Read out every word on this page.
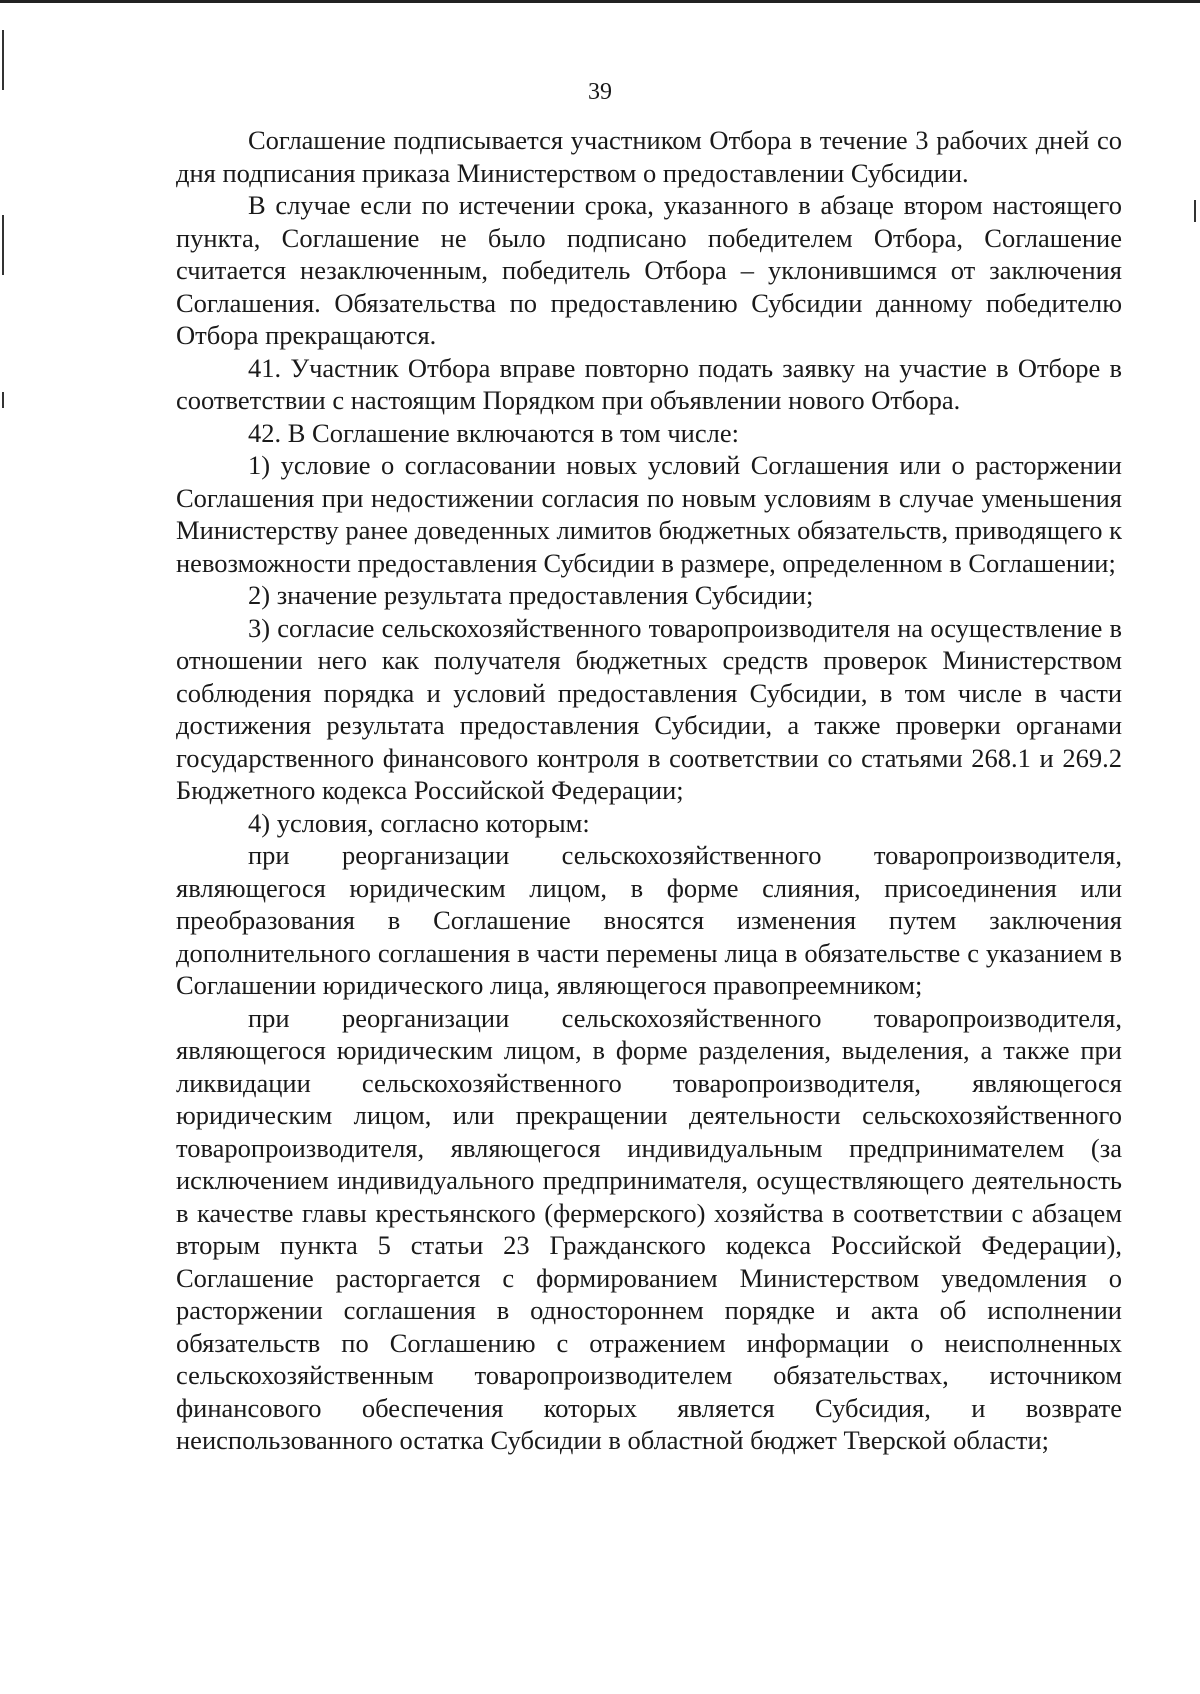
39

Соглашение подписывается участником Отбора в течение 3 рабочих дней со дня подписания приказа Министерством о предоставлении Субсидии.

В случае если по истечении срока, указанного в абзаце втором настоящего пункта, Соглашение не было подписано победителем Отбора, Соглашение считается незаключенным, победитель Отбора – уклонившимся от заключения Соглашения. Обязательства по предоставлению Субсидии данному победителю Отбора прекращаются.

41. Участник Отбора вправе повторно подать заявку на участие в Отборе в соответствии с настоящим Порядком при объявлении нового Отбора.

42. В Соглашение включаются в том числе:

1) условие о согласовании новых условий Соглашения или о расторжении Соглашения при недостижении согласия по новым условиям в случае уменьшения Министерству ранее доведенных лимитов бюджетных обязательств, приводящего к невозможности предоставления Субсидии в размере, определенном в Соглашении;

2) значение результата предоставления Субсидии;

3) согласие сельскохозяйственного товаропроизводителя на осуществление в отношении него как получателя бюджетных средств проверок Министерством соблюдения порядка и условий предоставления Субсидии, в том числе в части достижения результата предоставления Субсидии, а также проверки органами государственного финансового контроля в соответствии со статьями 268.1 и 269.2 Бюджетного кодекса Российской Федерации;

4) условия, согласно которым:

при реорганизации сельскохозяйственного товаропроизводителя, являющегося юридическим лицом, в форме слияния, присоединения или преобразования в Соглашение вносятся изменения путем заключения дополнительного соглашения в части перемены лица в обязательстве с указанием в Соглашении юридического лица, являющегося правопреемником;

при реорганизации сельскохозяйственного товаропроизводителя, являющегося юридическим лицом, в форме разделения, выделения, а также при ликвидации сельскохозяйственного товаропроизводителя, являющегося юридическим лицом, или прекращении деятельности сельскохозяйственного товаропроизводителя, являющегося индивидуальным предпринимателем (за исключением индивидуального предпринимателя, осуществляющего деятельность в качестве главы крестьянского (фермерского) хозяйства в соответствии с абзацем вторым пункта 5 статьи 23 Гражданского кодекса Российской Федерации), Соглашение расторгается с формированием Министерством уведомления о расторжении соглашения в одностороннем порядке и акта об исполнении обязательств по Соглашению с отражением информации о неисполненных сельскохозяйственным товаропроизводителем обязательствах, источником финансового обеспечения которых является Субсидия, и возврате неиспользованного остатка Субсидии в областной бюджет Тверской области;
